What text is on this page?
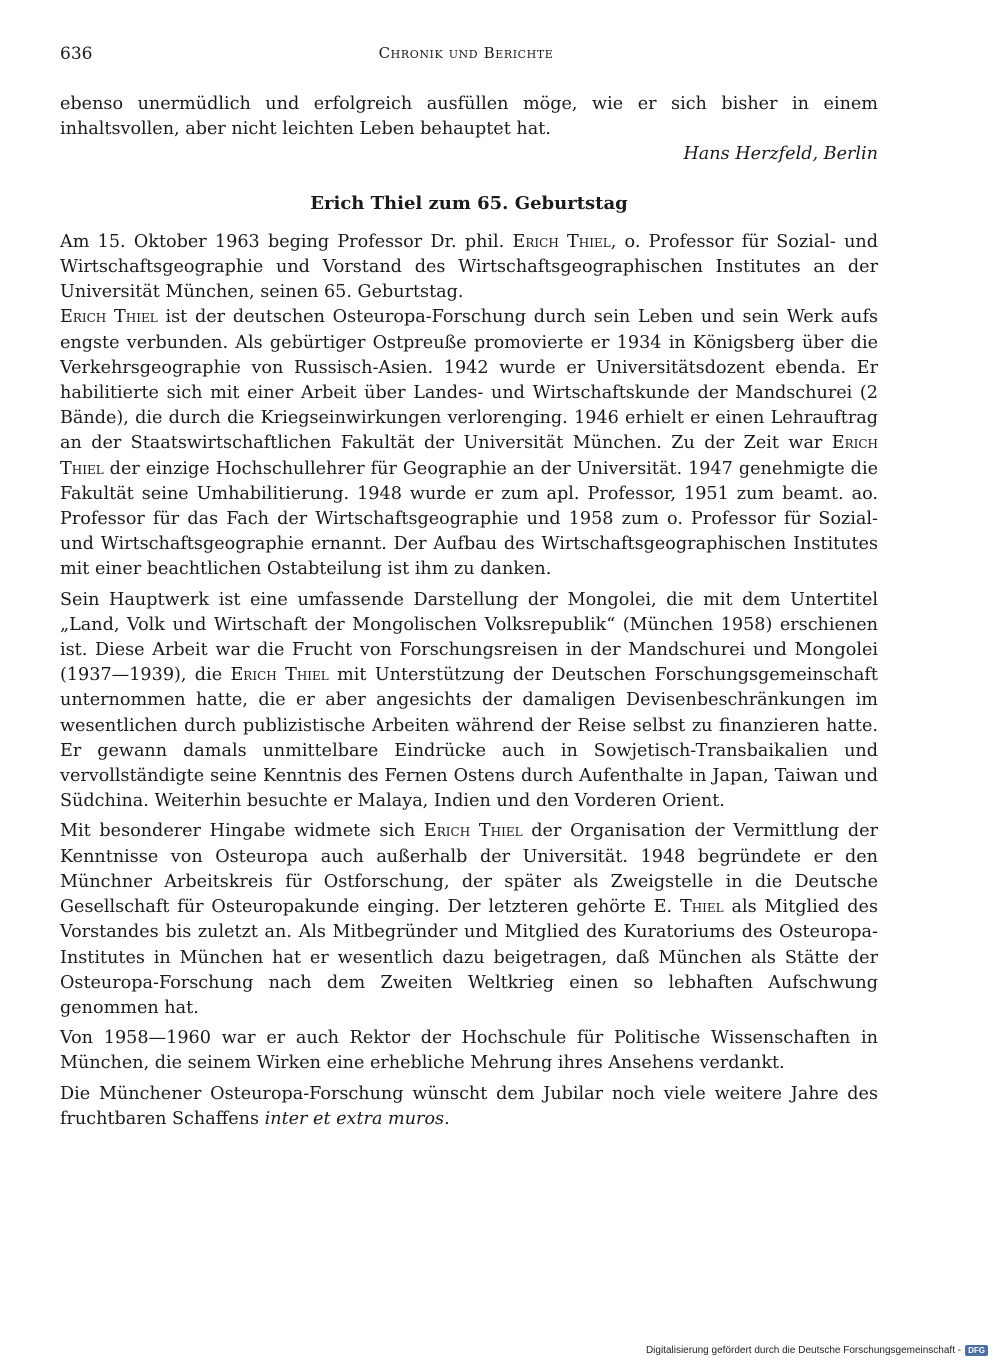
636	Chronik und Berichte

ebenso unermüdlich und erfolgreich ausfüllen möge, wie er sich bisher in einem inhaltsvollen, aber nicht leichten Leben behauptet hat.

Hans Herzfeld, Berlin

Erich Thiel zum 65. Geburtstag

Am 15. Oktober 1963 beging Professor Dr. phil. Erich Thiel, o. Professor für Sozial- und Wirtschaftsgeographie und Vorstand des Wirtschaftsgeographischen Institutes an der Universität München, seinen 65. Geburtstag.

Erich Thiel ist der deutschen Osteuropa-Forschung durch sein Leben und sein Werk aufs engste verbunden. Als gebürtiger Ostpreuße promovierte er 1934 in Königsberg über die Verkehrsgeographie von Russisch-Asien. 1942 wurde er Universitätsdozent ebenda. Er habilitierte sich mit einer Arbeit über Landes- und Wirtschaftskunde der Mandschurei (2 Bände), die durch die Kriegseinwirkungen verlorenging. 1946 erhielt er einen Lehrauftrag an der Staatswirtschaftlichen Fakultät der Universität München. Zu der Zeit war Erich Thiel der einzige Hochschullehrer für Geographie an der Universität. 1947 genehmigte die Fakultät seine Umhabilitierung. 1948 wurde er zum apl. Professor, 1951 zum beamt. ao. Professor für das Fach der Wirtschaftsgeographie und 1958 zum o. Professor für Sozial- und Wirtschaftsgeographie ernannt. Der Aufbau des Wirtschaftsgeographischen Institutes mit einer beachtlichen Ostabteilung ist ihm zu danken.

Sein Hauptwerk ist eine umfassende Darstellung der Mongolei, die mit dem Untertitel „Land, Volk und Wirtschaft der Mongolischen Volksrepublik“ (München 1958) erschienen ist. Diese Arbeit war die Frucht von Forschungsreisen in der Mandschurei und Mongolei (1937—1939), die Erich Thiel mit Unterstützung der Deutschen Forschungsgemeinschaft unternommen hatte, die er aber angesichts der damaligen Devisenbeschränkungen im wesentlichen durch publizistische Arbeiten während der Reise selbst zu finanzieren hatte. Er gewann damals unmittelbare Eindrücke auch in Sowjetisch-Transbaikalien und vervollständigte seine Kenntnis des Fernen Ostens durch Aufenthalte in Japan, Taiwan und Südchina. Weiterhin besuchte er Malaya, Indien und den Vorderen Orient.

Mit besonderer Hingabe widmete sich Erich Thiel der Organisation der Vermittlung der Kenntnisse von Osteuropa auch außerhalb der Universität. 1948 begründete er den Münchner Arbeitskreis für Ostforschung, der später als Zweigstelle in die Deutsche Gesellschaft für Osteuropakunde einging. Der letzteren gehörte E. Thiel als Mitglied des Vorstandes bis zuletzt an. Als Mitbegründer und Mitglied des Kuratoriums des Osteuropa-Institutes in München hat er wesentlich dazu beigetragen, daß München als Stätte der Osteuropa-Forschung nach dem Zweiten Weltkrieg einen so lebhaften Aufschwung genommen hat.

Von 1958—1960 war er auch Rektor der Hochschule für Politische Wissenschaften in München, die seinem Wirken eine erhebliche Mehrung ihres Ansehens verdankt.

Die Münchener Osteuropa-Forschung wünscht dem Jubilar noch viele weitere Jahre des fruchtbaren Schaffens inter et extra muros.

Digitalisierung gefördert durch die Deutsche Forschungsgemeinschaft - DFG
